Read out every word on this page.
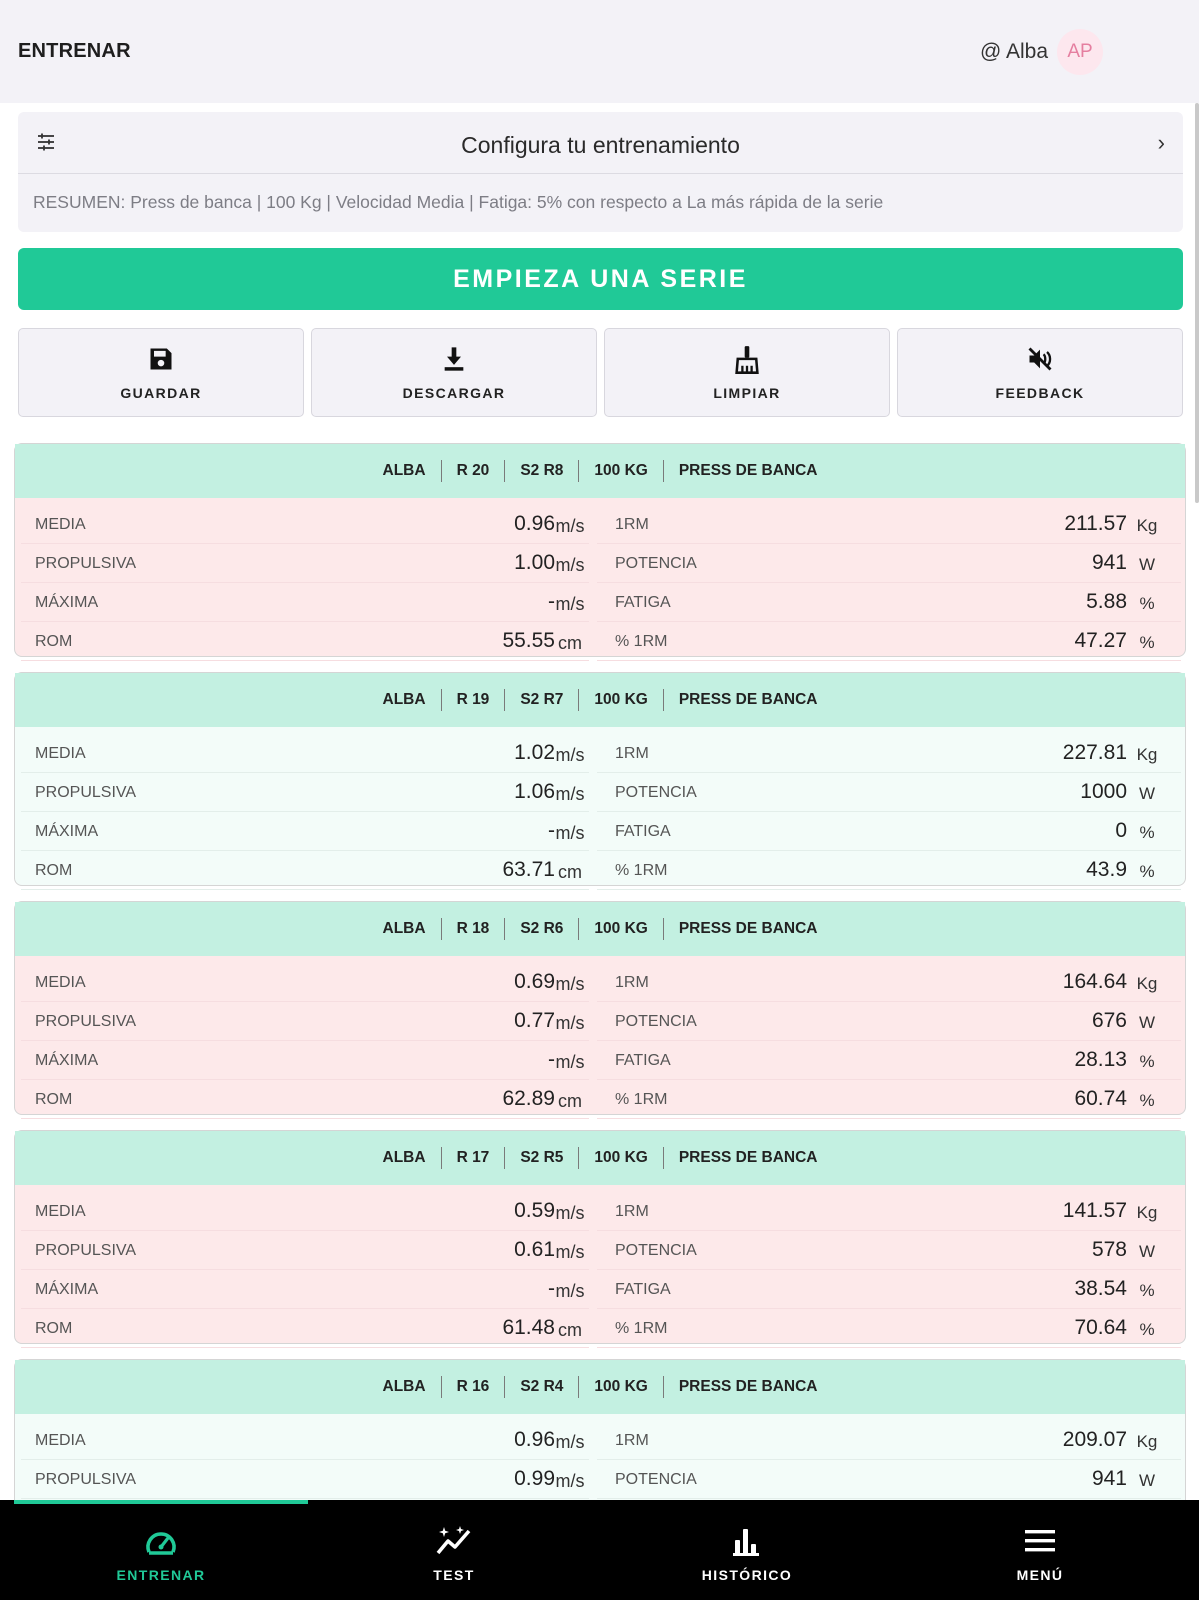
ENTRENAR	@ Alba	AP
Configura tu entrenamiento	›
RESUMEN: Press de banca | 100 Kg | Velocidad Media | Fatiga: 5% con respecto a La más rápida de la serie
EMPIEZA UNA SERIE
GUARDAR	DESCARGAR	LIMPIAR	FEEDBACK
ALBA R 20 S2 R8 100 KG PRESS DE BANCA
MEDIA	0.96 m/s	1RM	211.57 Kg
PROPULSIVA	1.00 m/s	POTENCIA	941 W
MÁXIMA	- m/s	FATIGA	5.88 %
ROM	55.55 cm	% 1RM	47.27 %
ALBA R 19 S2 R7 100 KG PRESS DE BANCA
MEDIA	1.02 m/s	1RM	227.81 Kg
PROPULSIVA	1.06 m/s	POTENCIA	1000 W
MÁXIMA	- m/s	FATIGA	0 %
ROM	63.71 cm	% 1RM	43.9 %
ALBA R 18 S2 R6 100 KG PRESS DE BANCA
MEDIA	0.69 m/s	1RM	164.64 Kg
PROPULSIVA	0.77 m/s	POTENCIA	676 W
MÁXIMA	- m/s	FATIGA	28.13 %
ROM	62.89 cm	% 1RM	60.74 %
ALBA R 17 S2 R5 100 KG PRESS DE BANCA
MEDIA	0.59 m/s	1RM	141.57 Kg
PROPULSIVA	0.61 m/s	POTENCIA	578 W
MÁXIMA	- m/s	FATIGA	38.54 %
ROM	61.48 cm	% 1RM	70.64 %
ALBA R 16 S2 R4 100 KG PRESS DE BANCA
MEDIA	0.96 m/s	1RM	209.07 Kg
PROPULSIVA	0.99 m/s	POTENCIA	941 W
ENTRENAR	TEST	HISTÓRICO	MENÚ
